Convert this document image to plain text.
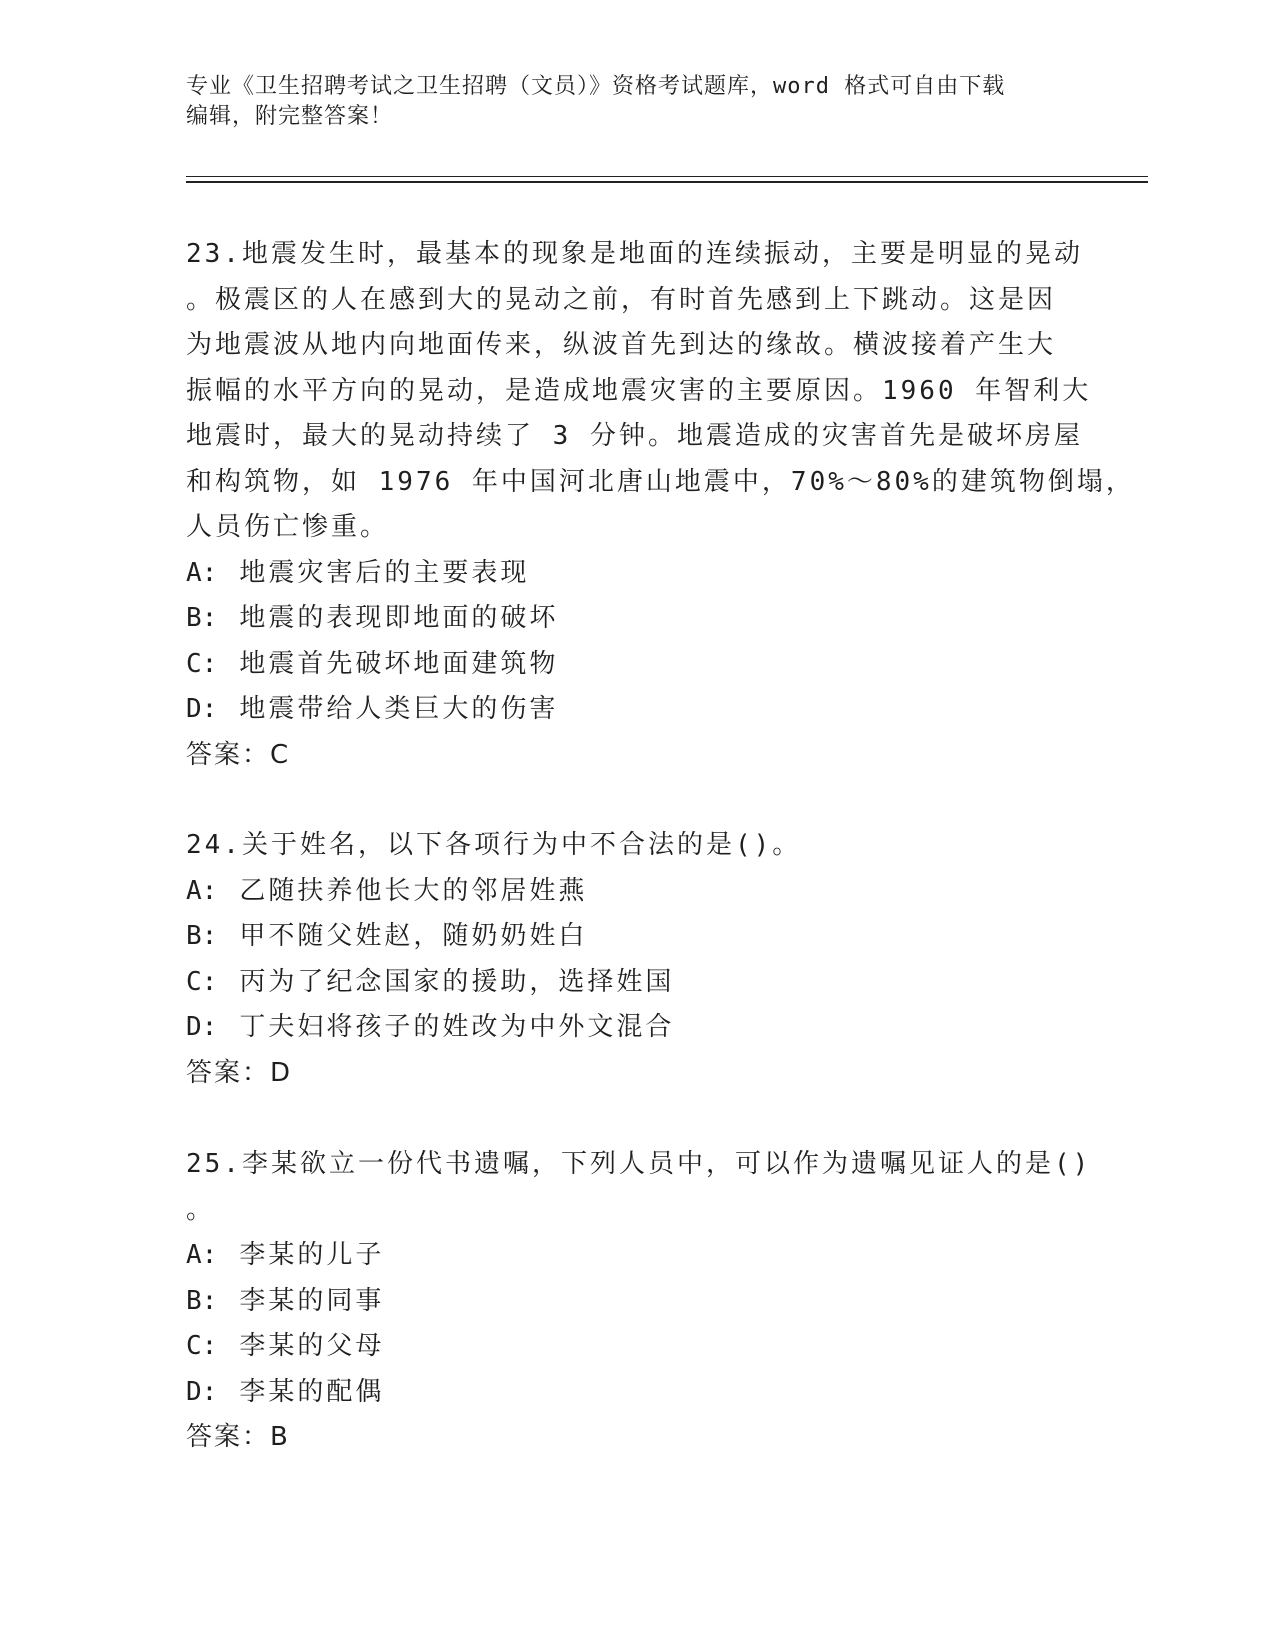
专业《卫生招聘考试之卫生招聘（文员）》资格考试题库，word 格式可自由下载
编辑，附完整答案！
23.地震发生时，最基本的现象是地面的连续振动，主要是明显的晃动
。极震区的人在感到大的晃动之前，有时首先感到上下跳动。这是因
为地震波从地内向地面传来，纵波首先到达的缘故。横波接着产生大
振幅的水平方向的晃动，是造成地震灾害的主要原因。1960 年智利大
地震时，最大的晃动持续了 3 分钟。地震造成的灾害首先是破坏房屋
和构筑物，如 1976 年中国河北唐山地震中，70%～80%的建筑物倒塌，
人员伤亡惨重。
A: 地震灾害后的主要表现
B: 地震的表现即地面的破坏
C: 地震首先破坏地面建筑物
D: 地震带给人类巨大的伤害
答案：C
24.关于姓名，以下各项行为中不合法的是()。
A: 乙随扶养他长大的邻居姓燕
B: 甲不随父姓赵，随奶奶姓白
C: 丙为了纪念国家的援助，选择姓国
D: 丁夫妇将孩子的姓改为中外文混合
答案：D
25.李某欲立一份代书遗嘱，下列人员中，可以作为遗嘱见证人的是()
。
A: 李某的儿子
B: 李某的同事
C: 李某的父母
D: 李某的配偶
答案：B
